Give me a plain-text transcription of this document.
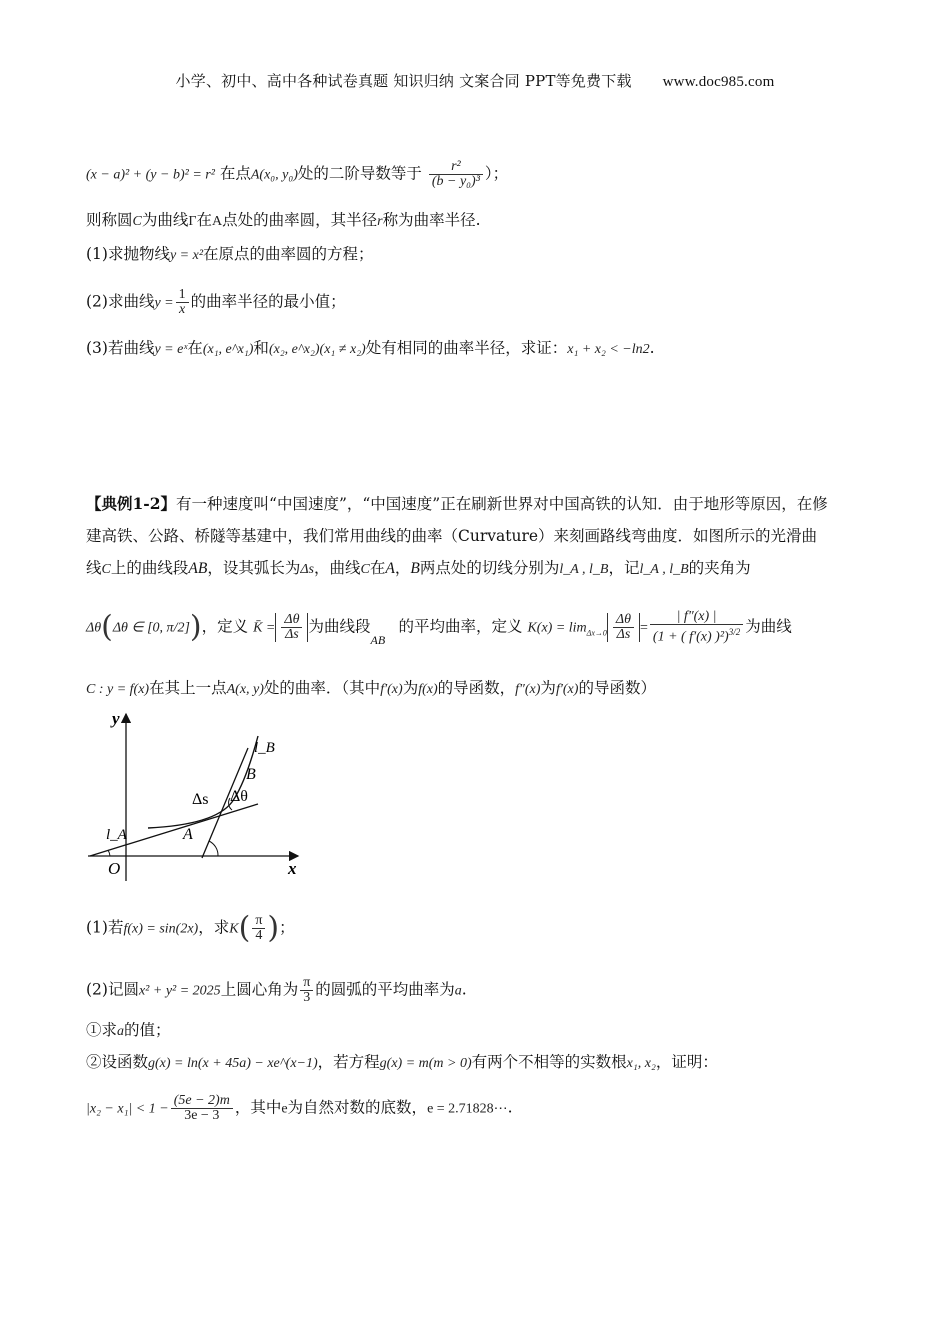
小学、初中、高中各种试卷真题 知识归纳 文案合同 PPT等免费下载 www.doc985.com
(x − a)² + (y − b)² = r² 在点A(x₀, y₀)处的二阶导数等于 $\frac{\text{r²}}{\text{(b − y₀)³}}$ ）；
则称圆C为曲线Γ在A点处的曲率圆，其半径r称为曲率半径.
(1)求抛物线y = x²在原点的曲率圆的方程；
(2)求曲线$y = \frac{1}{x}$ 的曲率半径的最小值；
(3)若曲线y = eˣ在(x₁, e^x₁)和(x₂, e^x₂)(x₁ ≠ x₂)处有相同的曲率半径，求证：x₁ + x₂ < −ln2.
【典例1-2】有一种速度叫“中国速度”，“中国速度”正在刷新世界对中国高铁的认知．由于地形等原因，在修
建高铁、公路、桥隧等基建中，我们常用曲线的曲率（Curvature）来刻画路线弯曲度．如图所示的光滑曲
线C上的曲线段AB，设其弧长为Δs，曲线C在A，B两点处的切线分别为l_A , l_B，记l_A , l_B的夹角为
Δθ(Δθ ∈ [0, π/2])，定义 K̄ = $\frac{\Delta\theta}{\Delta s}$ 为曲线段
AB
的平均曲率，定义 $K(x) = \lim_{\Delta x\to 0} \frac{\Delta\theta}{\Delta s} = \frac{| f''(x) |}{(1 + ( f'(x) )^2)^{3/2}}$ 为曲线
C : y = f(x)在其上一点A(x, y)处的曲率．（其中f′(x)为f(x)的导函数，f″(x)为f′(x)的导函数）
y
x
O
l_A
l_B
A
B
Δs Δθ
(1)若f(x) = sin(2x)，求$K( \frac{\pi}{4}$ )；
(2)记圆x² + y² = 2025上圆心角为 $\frac{\pi}{3}$ 的圆弧的平均曲率为a.
①求a的值；
②设函数g(x) = ln(x + 45a) − xe^(x−1)，若方程g(x) = m(m > 0)有两个不相等的实数根x₁, x₂，证明：
$|x_2 - x_1| < 1 - \frac{(5e - 2)m}{3e - 3}$ ，其中e为自然对数的底数，e = 2.71828⋯.
